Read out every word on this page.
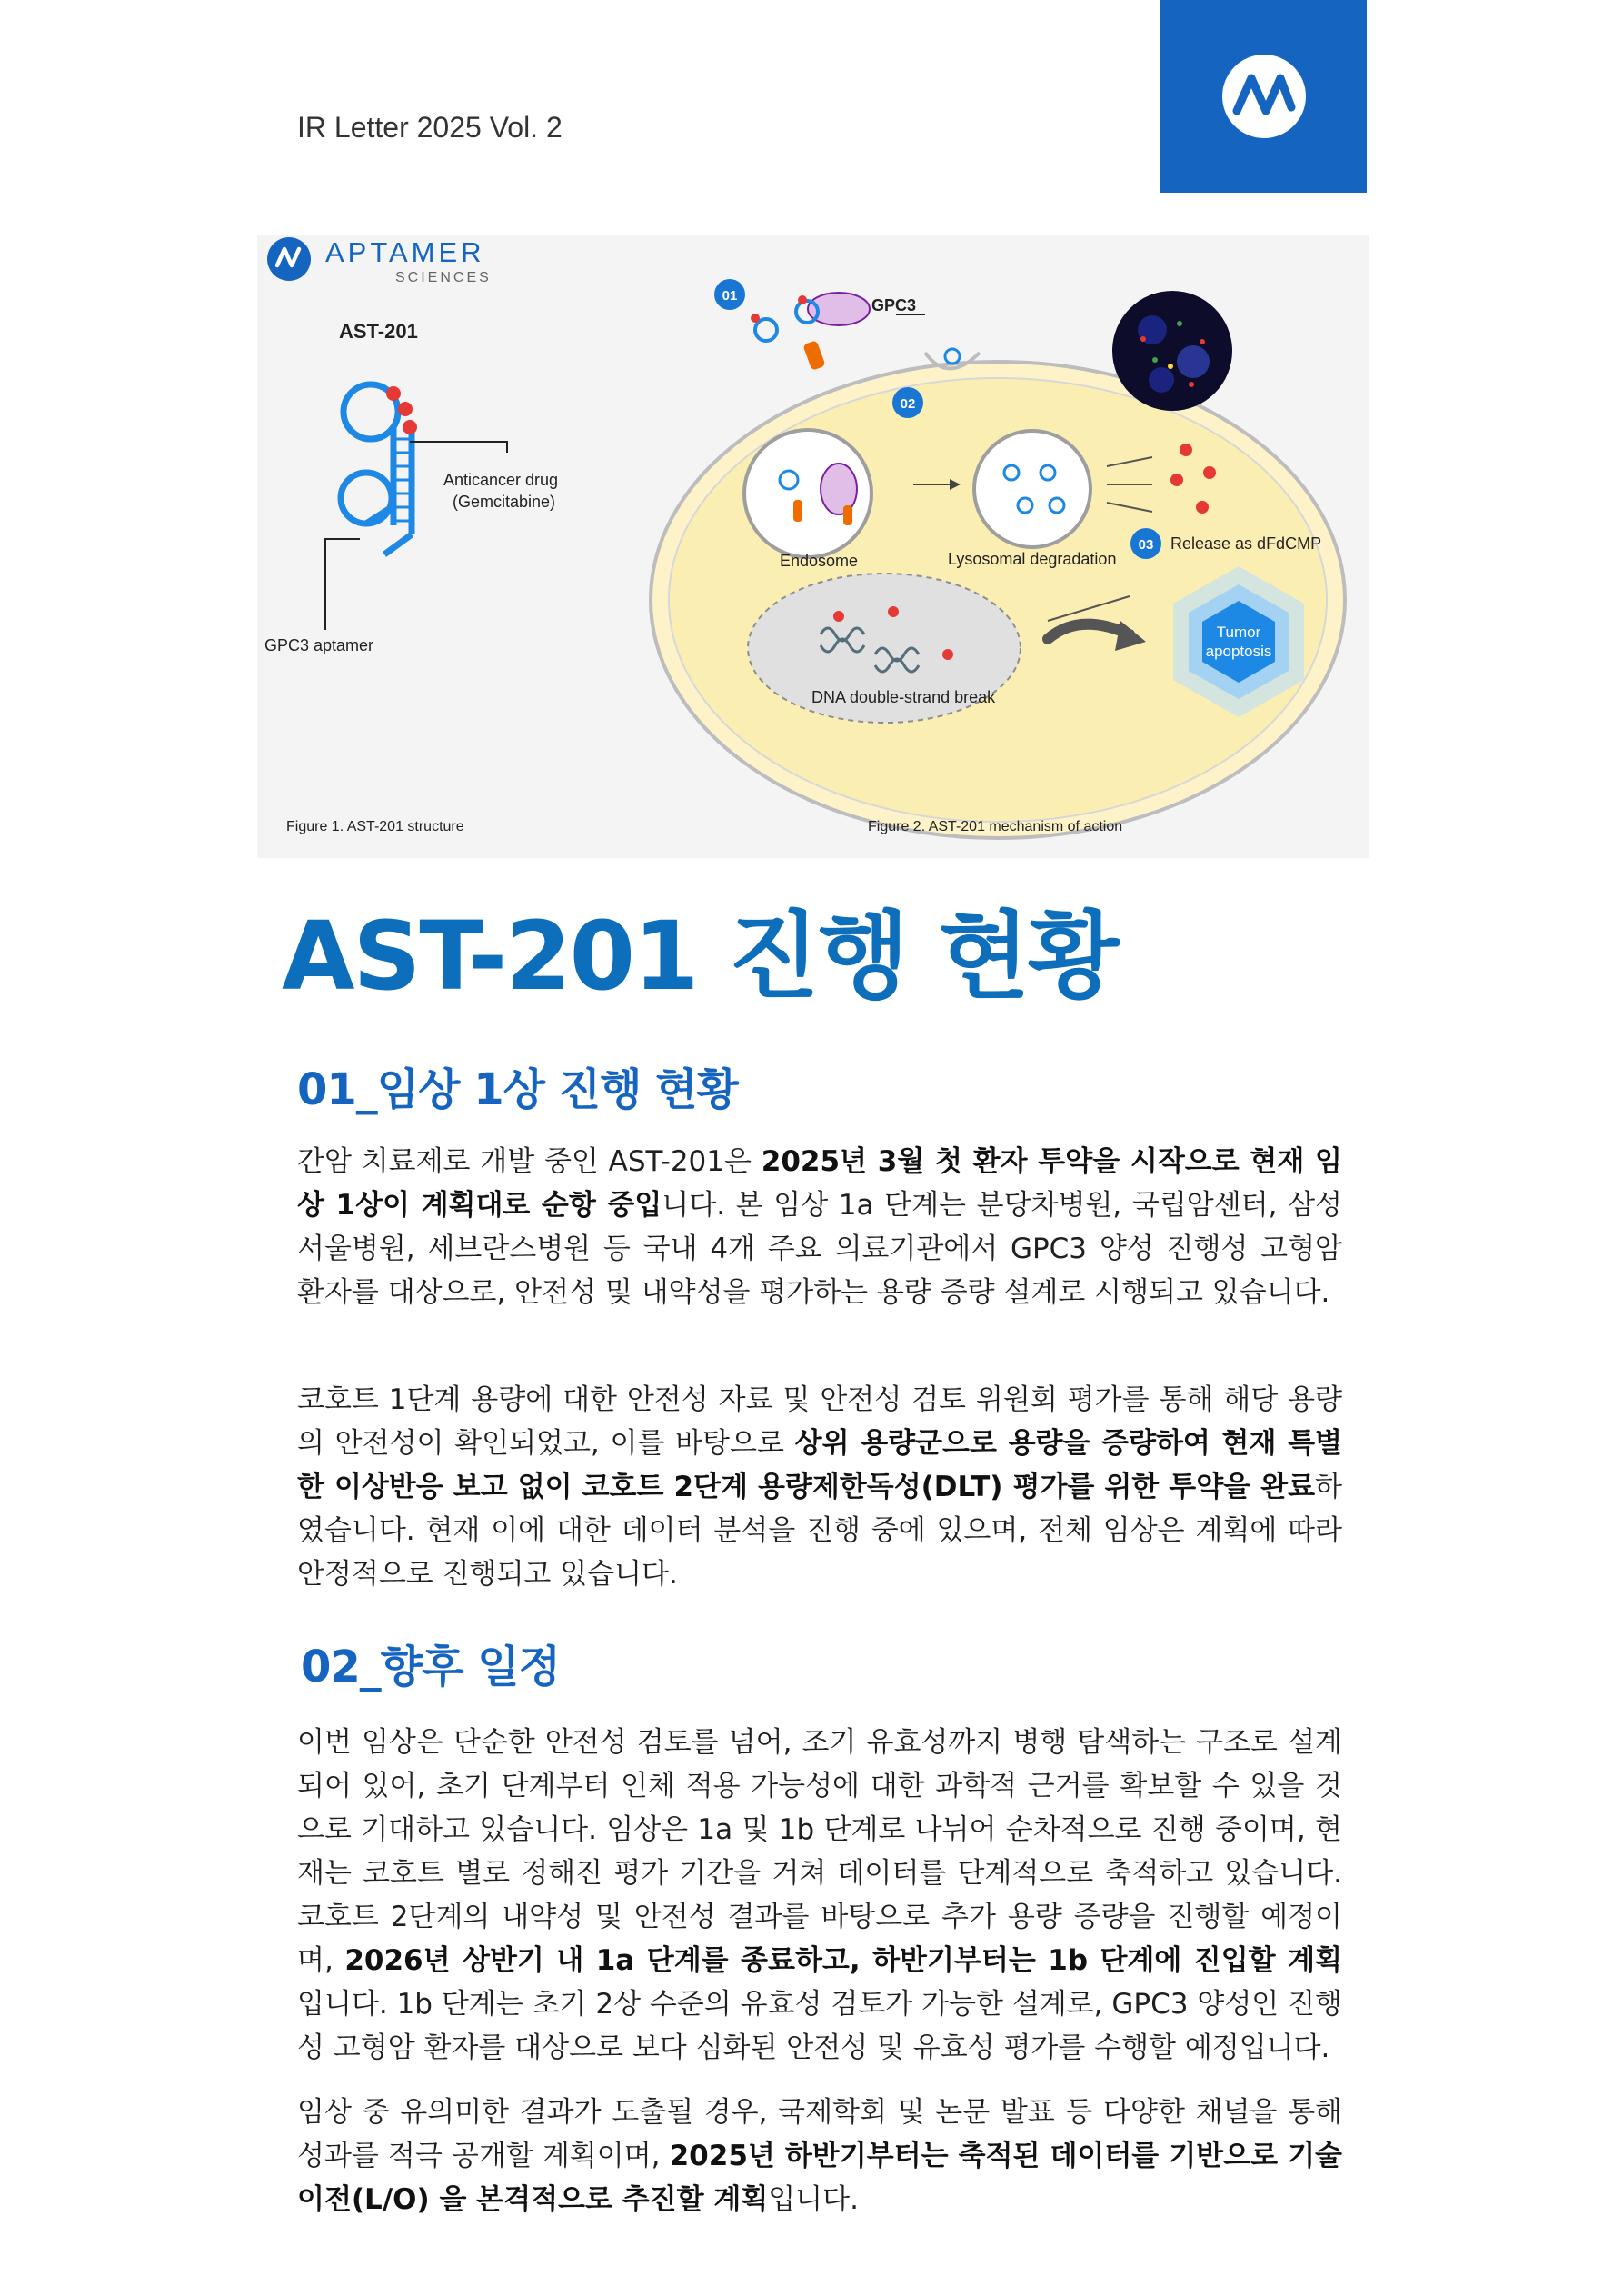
IR Letter 2025 Vol. 2
APTAMER
SCIENCES
AST-201
Anticancer drug
(Gemcitabine)
GPC3 aptamer
01
02
03
GPC3
Endosome	Lysosomal degradation
Release as dFdCMP
DNA double-strand break
Tumor
apoptosis
Figure 1. AST-201 structure	Figure 2. AST-201 mechanism of action
AST-201 진행 현황
01_임상 1상 진행 현황

간암 치료제로 개발 중인 AST-201은 2025년 3월 첫 환자 투약을 시작으로 현재 임상 1상이 계획대로 순항 중입니다. 본 임상 1a 단계는 분당차병원, 국립암센터, 삼성서울병원, 세브란스병원 등 국내 4개 주요 의료기관에서 GPC3 양성 진행성 고형암 환자를 대상으로, 안전성 및 내약성을 평가하는 용량 증량 설계로 시행되고 있습니다.

코호트 1단계 용량에 대한 안전성 자료 및 안전성 검토 위원회 평가를 통해 해당 용량의 안전성이 확인되었고, 이를 바탕으로 상위 용량군으로 용량을 증량하여 현재 특별한 이상반응 보고 없이 코호트 2단계 용량제한독성(DLT) 평가를 위한 투약을 완료하였습니다. 현재 이에 대한 데이터 분석을 진행 중에 있으며, 전체 임상은 계획에 따라 안정적으로 진행되고 있습니다.

02_향후 일정

이번 임상은 단순한 안전성 검토를 넘어, 조기 유효성까지 병행 탐색하는 구조로 설계되어 있어, 초기 단계부터 인체 적용 가능성에 대한 과학적 근거를 확보할 수 있을 것으로 기대하고 있습니다. 임상은 1a 및 1b 단계로 나뉘어 순차적으로 진행 중이며, 현재는 코호트 별로 정해진 평가 기간을 거쳐 데이터를 단계적으로 축적하고 있습니다. 코호트 2단계의 내약성 및 안전성 결과를 바탕으로 추가 용량 증량을 진행할 예정이며, 2026년 상반기 내 1a 단계를 종료하고, 하반기부터는 1b 단계에 진입할 계획입니다. 1b 단계는 초기 2상 수준의 유효성 검토가 가능한 설계로, GPC3 양성인 진행성 고형암 환자를 대상으로 보다 심화된 안전성 및 유효성 평가를 수행할 예정입니다.

임상 중 유의미한 결과가 도출될 경우, 국제학회 및 논문 발표 등 다양한 채널을 통해 성과를 적극 공개할 계획이며, 2025년 하반기부터는 축적된 데이터를 기반으로 기술이전(L/O) 을 본격적으로 추진할 계획입니다.
